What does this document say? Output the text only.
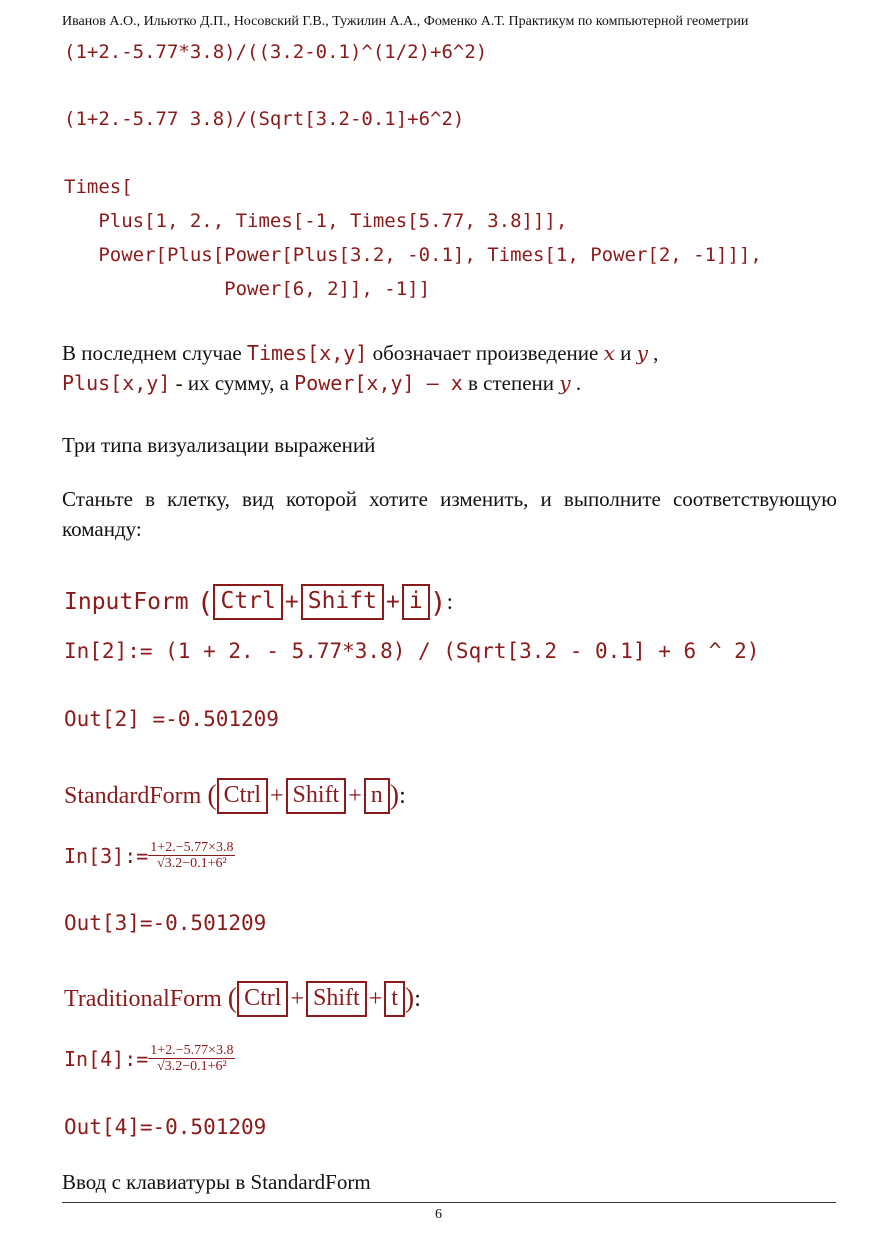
Иванов А.О., Ильютко Д.П., Носовский Г.В., Тужилин А.А., Фоменко А.Т. Практикум по компьютерной геометрии
(1+2.-5.77*3.8)/((3.2-0.1)^(1/2)+6^2)
(1+2.-5.77 3.8)/(Sqrt[3.2-0.1]+6^2)
Times[
Plus[1, 2., Times[-1, Times[5.77, 3.8]]],
Power[Plus[Power[Plus[3.2, -0.1], Times[1, Power[2, -1]]],
Power[6, 2]], -1]]
В последнем случае Times[x,y] обозначает произведение x и y ,
Plus[x,y] - их сумму, а Power[x,y] – x в степени y .
Три типа визуализации выражений
Станьте в клетку, вид которой хотите изменить, и выполните соответствующую команду:
InputForm ( Ctrl + Shift + i ) :
In[2]:= (1 + 2. - 5.77*3.8) / (Sqrt[3.2 - 0.1] + 6 ^ 2)
Out[2] =-0.501209
StandardForm ( Ctrl + Shift + n ) :
In[3]:= $\frac{1+2.-5.77\times 3.8}{\text{√3.2−0.1+6²}}$
Out[3]=-0.501209
TraditionalForm ( Ctrl + Shift + t ) :
In[4]:= $\frac{1+2.-5.77\times 3.8}{\text{√3.2−0.1+6²}}$
Out[4]=-0.501209
Ввод с клавиатуры в StandardForm
6
